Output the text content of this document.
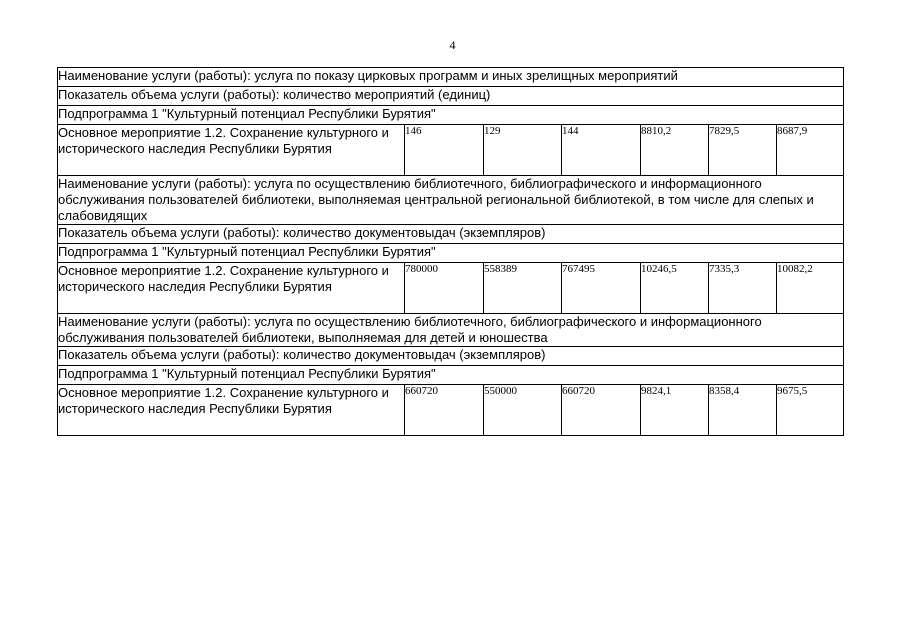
4
Наименование услуги (работы): услуга по показу цирковых программ и иных зрелищных мероприятий						
Показатель объема услуги (работы): количество мероприятий (единиц)						
Подпрограмма 1 "Культурный потенциал Республики Бурятия"						
Основное мероприятие 1.2. Сохранение культурного и исторического наследия Республики Бурятия	146	129	144	8810,2	7829,5	8687,9
Наименование услуги (работы): услуга по осуществлению библиотечного, библиографического и информационного обслуживания пользователей библиотеки, выполняемая центральной региональной библиотекой, в том числе для слепых и слабовидящих						
Показатель объема услуги (работы): количество документовыдач (экземпляров)						
Подпрограмма 1 "Культурный потенциал Республики Бурятия"						
Основное мероприятие 1.2. Сохранение культурного и исторического наследия Республики Бурятия	780000	558389	767495	10246,5	7335,3	10082,2
Наименование услуги (работы): услуга по осуществлению библиотечного, библиографического и информационного обслуживания пользователей библиотеки, выполняемая для детей и юношества						
Показатель объема услуги (работы): количество документовыдач (экземпляров)						
Подпрограмма 1 "Культурный потенциал Республики Бурятия"						
Основное мероприятие 1.2. Сохранение культурного и исторического наследия Республики Бурятия	660720	550000	660720	9824,1	8358,4	9675,5
